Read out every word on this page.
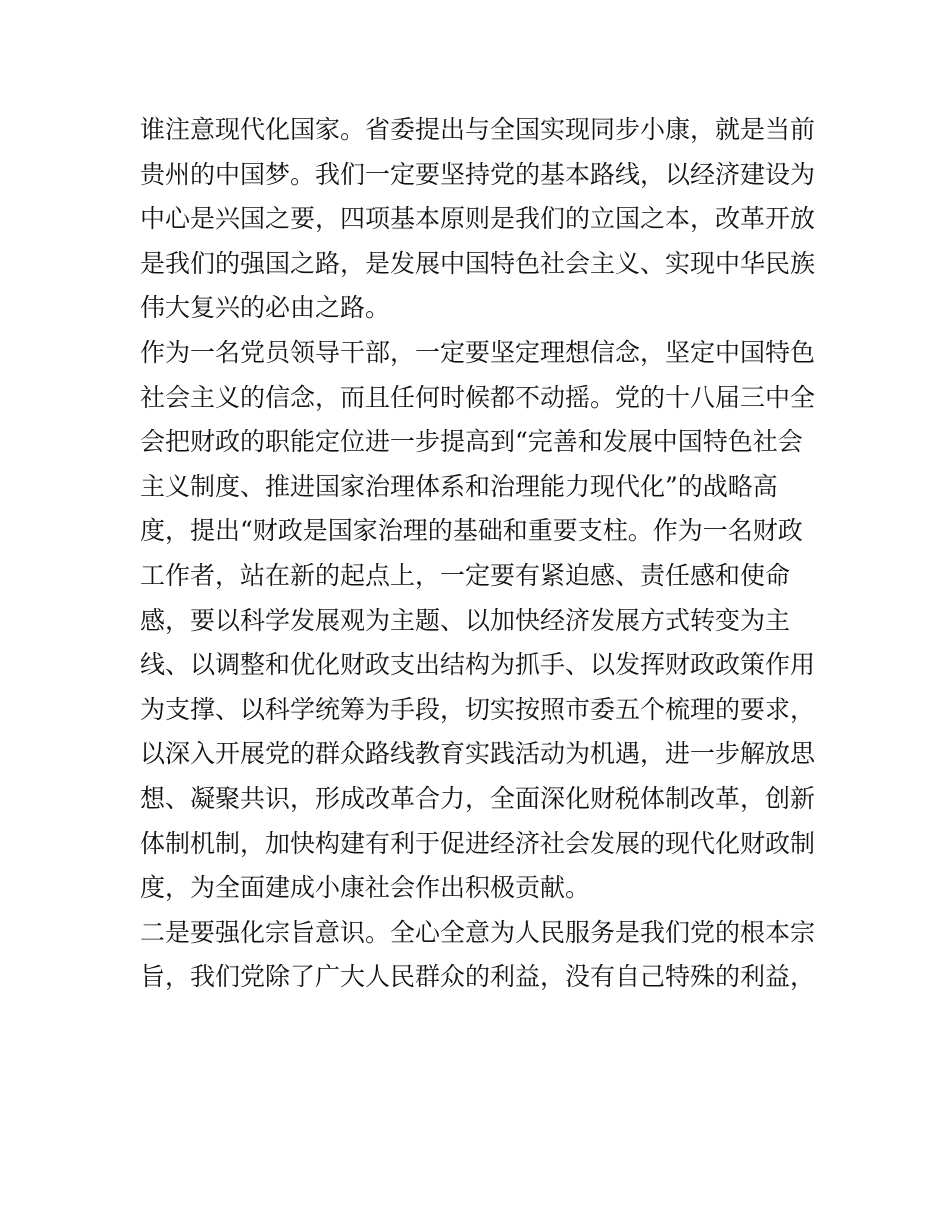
谁注意现代化国家。省委提出与全国实现同步小康，就是当前
贵州的中国梦。我们一定要坚持党的基本路线，以经济建设为
中心是兴国之要，四项基本原则是我们的立国之本，改革开放
是我们的强国之路，是发展中国特色社会主义、实现中华民族
伟大复兴的必由之路。
作为一名党员领导干部，一定要坚定理想信念，坚定中国特色
社会主义的信念，而且任何时候都不动摇。党的十八届三中全
会把财政的职能定位进一步提高到“完善和发展中国特色社会
主义制度、推进国家治理体系和治理能力现代化”的战略高
度，提出“财政是国家治理的基础和重要支柱。作为一名财政
工作者，站在新的起点上，一定要有紧迫感、责任感和使命
感，要以科学发展观为主题、以加快经济发展方式转变为主
线、以调整和优化财政支出结构为抓手、以发挥财政政策作用
为支撑、以科学统筹为手段，切实按照市委五个梳理的要求，
以深入开展党的群众路线教育实践活动为机遇，进一步解放思
想、凝聚共识，形成改革合力，全面深化财税体制改革，创新
体制机制，加快构建有利于促进经济社会发展的现代化财政制
度，为全面建成小康社会作出积极贡献。
二是要强化宗旨意识。全心全意为人民服务是我们党的根本宗
旨，我们党除了广大人民群众的利益，没有自己特殊的利益，
